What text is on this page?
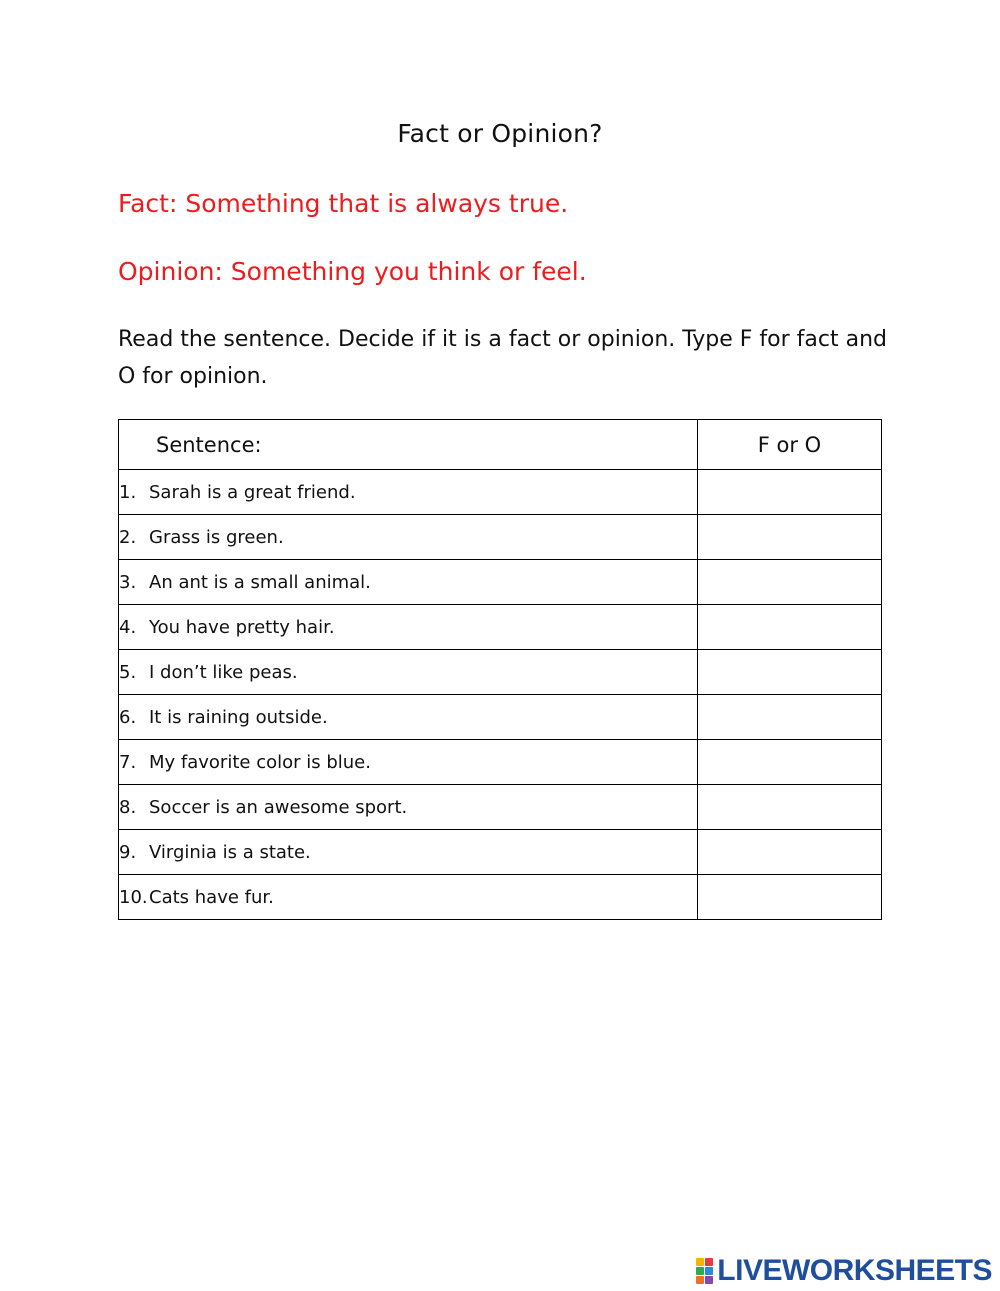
Fact or Opinion?
Fact: Something that is always true.
Opinion: Something you think or feel.
Read the sentence. Decide if it is a fact or opinion. Type F for fact and O for opinion.
Sentence:	F or O
1. Sarah is a great friend.	
2. Grass is green.	
3. An ant is a small animal.	
4. You have pretty hair.	
5. I don’t like peas.	
6. It is raining outside.	
7. My favorite color is blue.	
8. Soccer is an awesome sport.	
9. Virginia is a state.	
10.Cats have fur.	
LIVEWORKSHEETS
